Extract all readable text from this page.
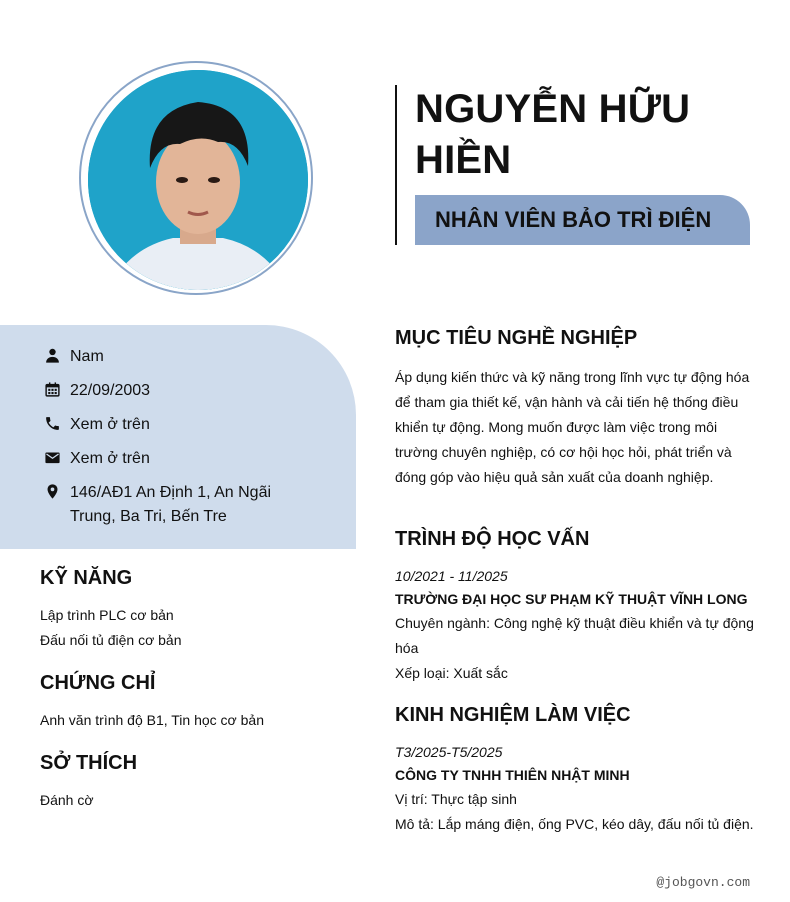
NGUYỄN HỮU HIỀN
NHÂN VIÊN BẢO TRÌ ĐIỆN
Nam
22/09/2003
Xem ở trên
Xem ở trên
146/AĐ1 An Định 1, An Ngãi Trung, Ba Tri, Bến Tre
KỸ NĂNG
Lập trình PLC cơ bản
Đấu nối tủ điện cơ bản
CHỨNG CHỈ
Anh văn trình độ B1, Tin học cơ bản
SỞ THÍCH
Đánh cờ
MỤC TIÊU NGHỀ NGHIỆP
Áp dụng kiến thức và kỹ năng trong lĩnh vực tự động hóa để tham gia thiết kế, vận hành và cải tiến hệ thống điều khiển tự động. Mong muốn được làm việc trong môi trường chuyên nghiệp, có cơ hội học hỏi, phát triển và đóng góp vào hiệu quả sản xuất của doanh nghiệp.
TRÌNH ĐỘ HỌC VẤN
10/2021 - 11/2025
TRƯỜNG ĐẠI HỌC SƯ PHẠM KỸ THUẬT VĨNH LONG
Chuyên ngành: Công nghệ kỹ thuật điều khiển và tự động hóa
Xếp loại: Xuất sắc
KINH NGHIỆM LÀM VIỆC
T3/2025-T5/2025
CÔNG TY TNHH THIÊN NHẬT MINH
Vị trí: Thực tập sinh
Mô tả: Lắp máng điện, ống PVC, kéo dây, đấu nối tủ điện.
@jobgovn.com
